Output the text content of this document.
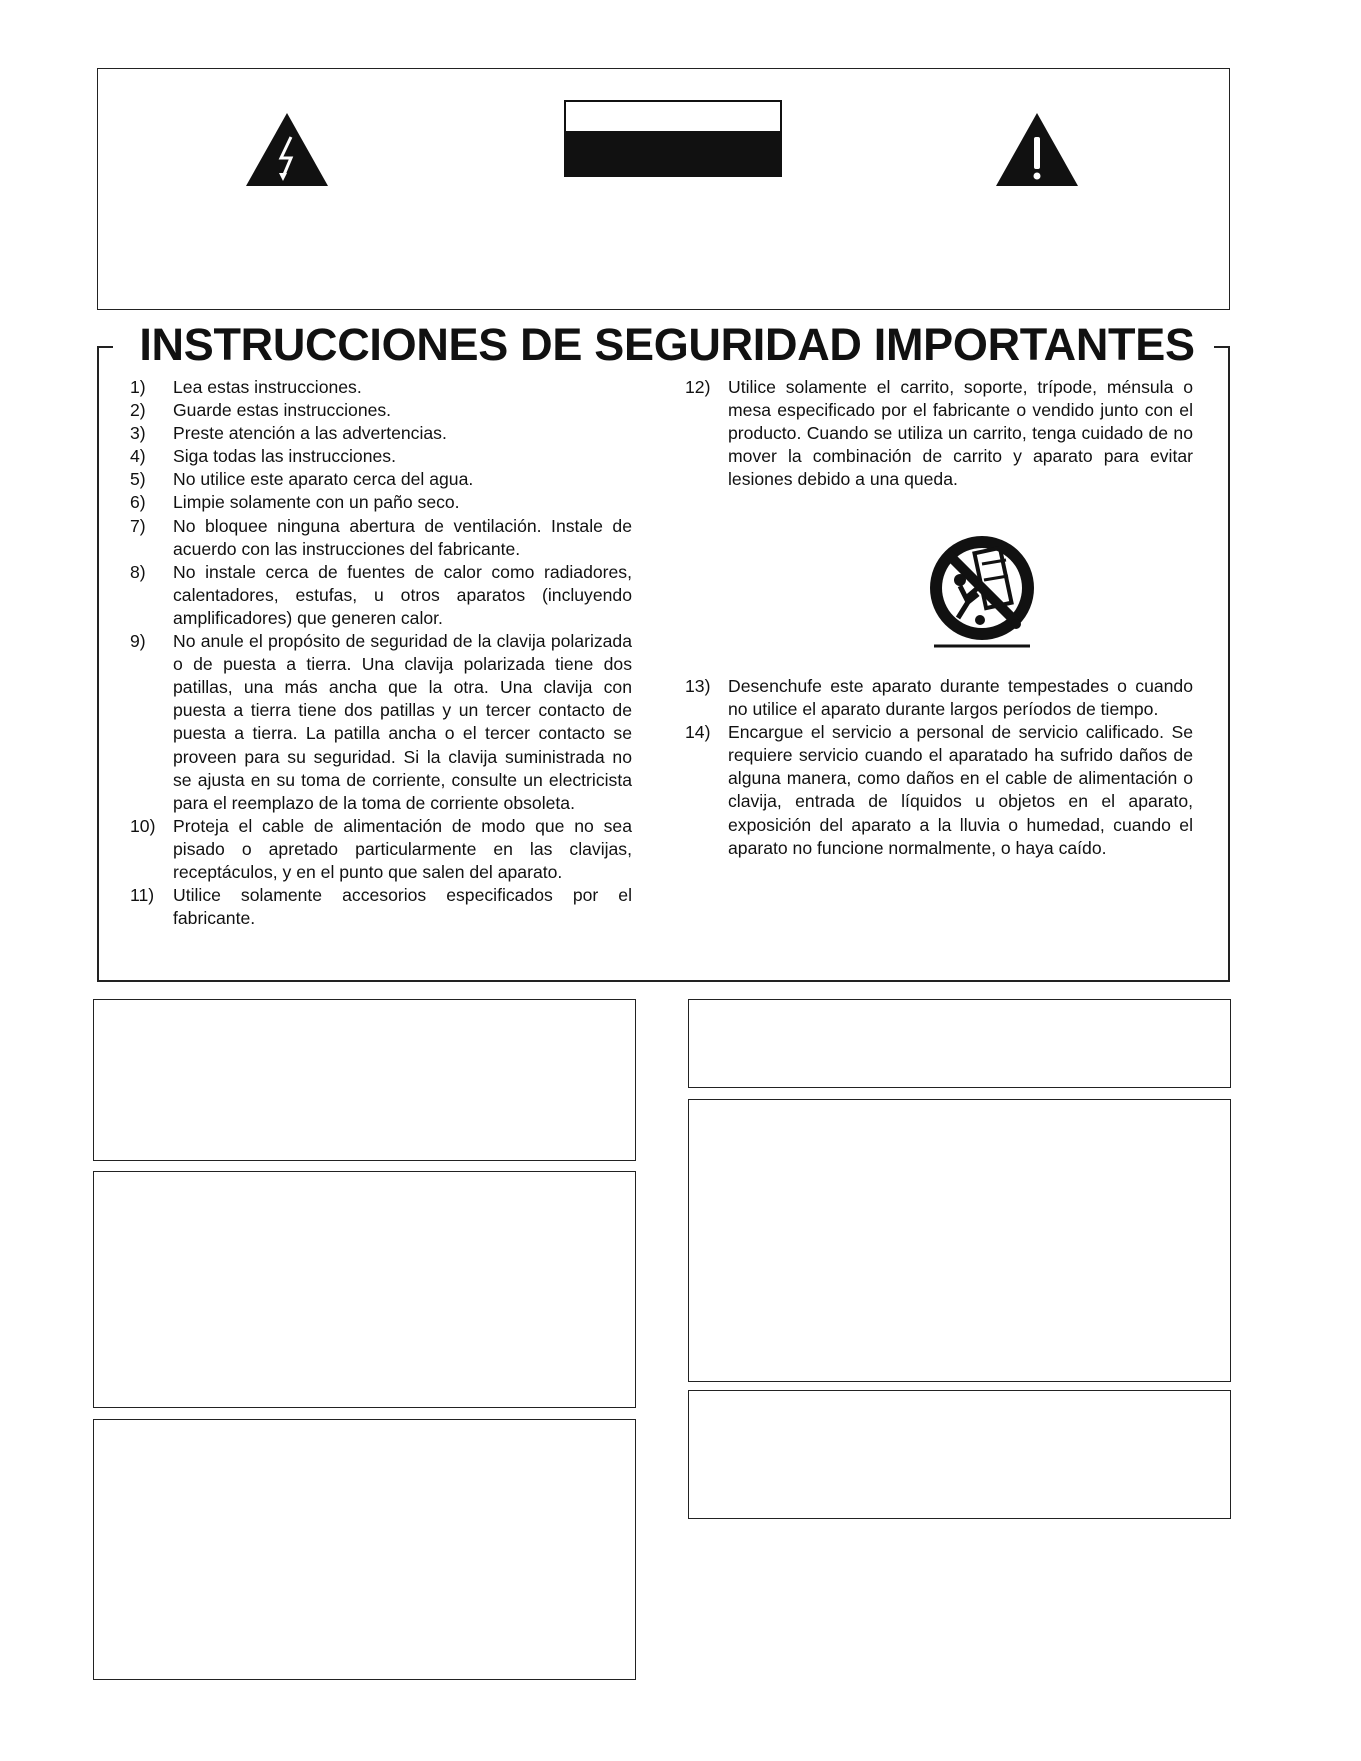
INSTRUCCIONES DE SEGURIDAD IMPORTANTES
1)	Lea estas instrucciones.
2)	Guarde estas instrucciones.
3)	Preste atención a las advertencias.
4)	Siga todas las instrucciones.
5)	No utilice este aparato cerca del agua.
6)	Limpie solamente con un paño seco.
7)	No bloquee ninguna abertura de ventilación. Instale de acuerdo con las instrucciones del fabricante.
8)	No instale cerca de fuentes de calor como radiadores, calentadores, estufas, u otros aparatos (incluyendo amplificadores) que generen calor.
9)	No anule el propósito de seguridad de la clavija polarizada o de puesta a tierra. Una clavija polarizada tiene dos patillas, una más ancha que la otra. Una clavija con puesta a tierra tiene dos patillas y un tercer contacto de puesta a tierra. La patilla ancha o el tercer contacto se proveen para su seguridad. Si la clavija suministrada no se ajusta en su toma de corriente, consulte un electricista para el reemplazo de la toma de corriente obsoleta.
10) Proteja el cable de alimentación de modo que no sea pisado o apretado particularmente en las clavijas, receptáculos, y en el punto que salen del aparato.
11)	Utilice solamente accesorios especificados por el fabricante.
12) Utilice solamente el carrito, soporte, trípode, ménsula o mesa especificado por el fabricante o vendido junto con el producto. Cuando se utiliza un carrito, tenga cuidado de no mover la combinación de carrito y aparato para evitar lesiones debido a una queda.
13) Desenchufe este aparato durante tempestades o cuando no utilice el aparato durante largos períodos de tiempo.
14) Encargue el servicio a personal de servicio calificado. Se requiere servicio cuando el aparatado ha sufrido daños de alguna manera, como daños en el cable de alimentación o clavija, entrada de líquidos u objetos en el aparato, exposición del aparato a la lluvia o humedad, cuando el aparato no funcione normalmente, o haya caído.
